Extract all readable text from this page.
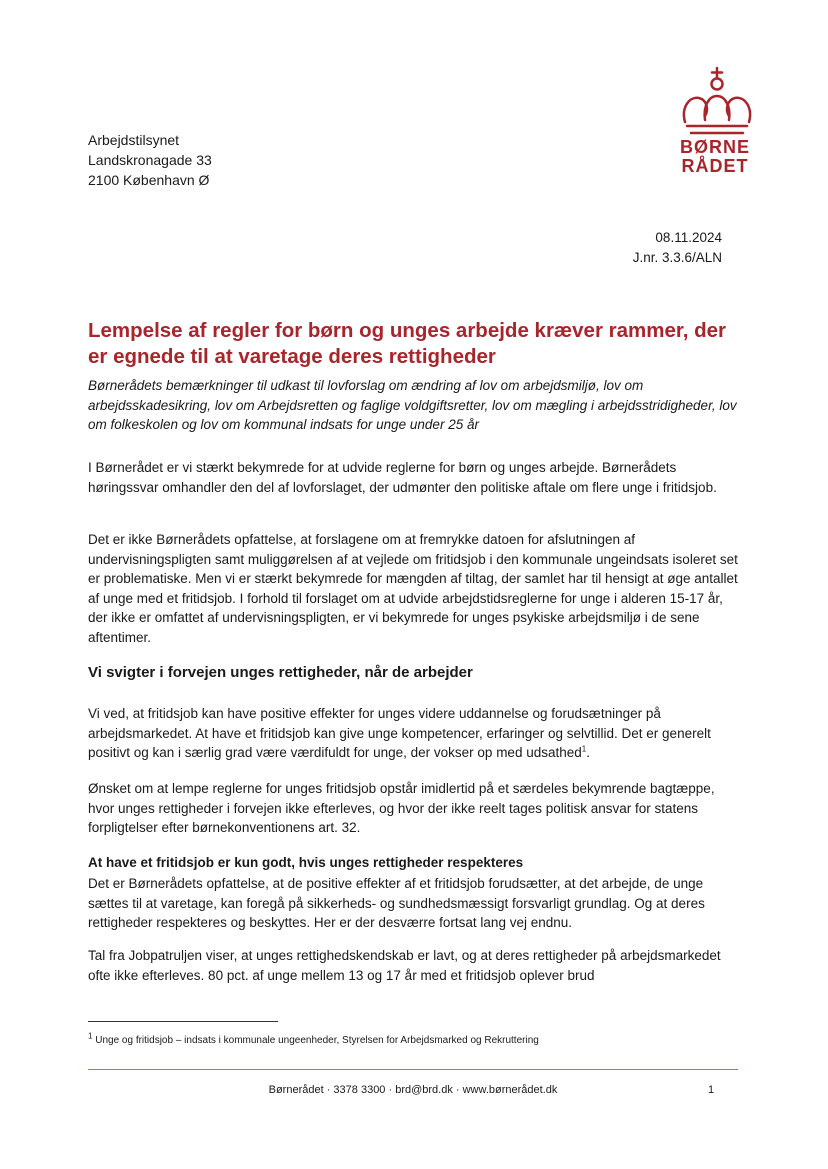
Arbejdstilsynet
Landskronagade 33
2100 København Ø
BØRNE
RÅDET
08.11.2024
J.nr. 3.3.6/ALN
Lempelse af regler for børn og unges arbejde kræver rammer, der er egnede til at varetage deres rettigheder

Børnerådets bemærkninger til udkast til lovforslag om ændring af lov om arbejdsmiljø, lov om arbejdsskadesikring, lov om Arbejdsretten og faglige voldgiftsretter, lov om mægling i arbejdsstridigheder, lov om folkeskolen og lov om kommunal indsats for unge under 25 år

I Børnerådet er vi stærkt bekymrede for at udvide reglerne for børn og unges arbejde. Børnerådets høringssvar omhandler den del af lovforslaget, der udmønter den politiske aftale om flere unge i fritidsjob.

Det er ikke Børnerådets opfattelse, at forslagene om at fremrykke datoen for afslutningen af undervisningspligten samt muliggørelsen af at vejlede om fritidsjob i den kommunale ungeindsats isoleret set er problematiske. Men vi er stærkt bekymrede for mængden af tiltag, der samlet har til hensigt at øge antallet af unge med et fritidsjob. I forhold til forslaget om at udvide arbejdstidsreglerne for unge i alderen 15-17 år, der ikke er omfattet af undervisningspligten, er vi bekymrede for unges psykiske arbejdsmiljø i de sene aftentimer.

Vi svigter i forvejen unges rettigheder, når de arbejder

Vi ved, at fritidsjob kan have positive effekter for unges videre uddannelse og forudsætninger på arbejdsmarkedet. At have et fritidsjob kan give unge kompetencer, erfaringer og selvtillid. Det er generelt positivt og kan i særlig grad være værdifuldt for unge, der vokser op med udsathed$^1$.

Ønsket om at lempe reglerne for unges fritidsjob opstår imidlertid på et særdeles bekymrende bagtæppe, hvor unges rettigheder i forvejen ikke efterleves, og hvor der ikke reelt tages politisk ansvar for statens forpligtelser efter børnekonventionens art. 32.

At have et fritidsjob er kun godt, hvis unges rettigheder respekteres

Det er Børnerådets opfattelse, at de positive effekter af et fritidsjob forudsætter, at det arbejde, de unge sættes til at varetage, kan foregå på sikkerheds- og sundhedsmæssigt forsvarligt grundlag. Og at deres rettigheder respekteres og beskyttes. Her er der desværre fortsat lang vej endnu.

Tal fra Jobpatruljen viser, at unges rettighedskendskab er lavt, og at deres rettigheder på arbejdsmarkedet ofte ikke efterleves. 80 pct. af unge mellem 13 og 17 år med et fritidsjob oplever brud

$^1$ Unge og fritidsjob – indsats i kommunale ungeenheder, Styrelsen for Arbejdsmarked og Rekruttering
Børnerådet · 3378 3300 · brd@brd.dk · www.børnerådet.dk	1
